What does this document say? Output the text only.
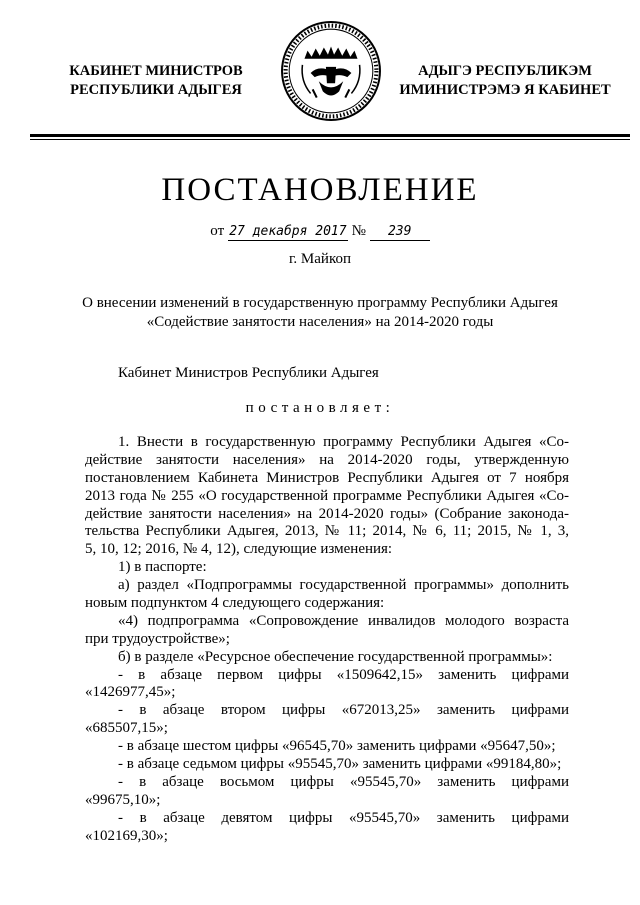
КАБИНЕТ МИНИСТРОВ
РЕСПУБЛИКИ АДЫГЕЯ
АДЫГЭ РЕСПУБЛИКЭМ
ИМИНИСТРЭМЭ Я КАБИНЕТ
ПОСТАНОВЛЕНИЕ
от 27 декабря 2017 № 239
г. Майкоп
О внесении изменений в государственную программу Республики Адыгея
«Содействие занятости населения» на 2014-2020 годы
Кабинет Министров Республики Адыгея
постановляет:
1. Внести в государственную программу Республики Адыгея «Со-
действие занятости населения» на 2014-2020 годы, утвержденную
постановлением Кабинета Министров Республики Адыгея от 7 ноября
2013 года № 255 «О государственной программе Республики Адыгея «Со-
действие занятости населения» на 2014-2020 годы» (Собрание законода-
тельства Республики Адыгея, 2013, № 11; 2014, № 6, 11; 2015, № 1, 3,
5, 10, 12; 2016, № 4, 12), следующие изменения:
1) в паспорте:
а) раздел «Подпрограммы государственной программы» дополнить
новым подпунктом 4 следующего содержания:
«4) подпрограмма «Сопровождение инвалидов молодого возраста
при трудоустройстве»;
б) в разделе «Ресурсное обеспечение государственной программы»:
- в абзаце первом цифры «1509642,15» заменить цифрами
«1426977,45»;
- в абзаце втором цифры «672013,25» заменить цифрами
«685507,15»;
- в абзаце шестом цифры «96545,70» заменить цифрами «95647,50»;
- в абзаце седьмом цифры «95545,70» заменить цифрами «99184,80»;
- в абзаце восьмом цифры «95545,70» заменить цифрами
«99675,10»;
- в абзаце девятом цифры «95545,70» заменить цифрами
«102169,30»;
